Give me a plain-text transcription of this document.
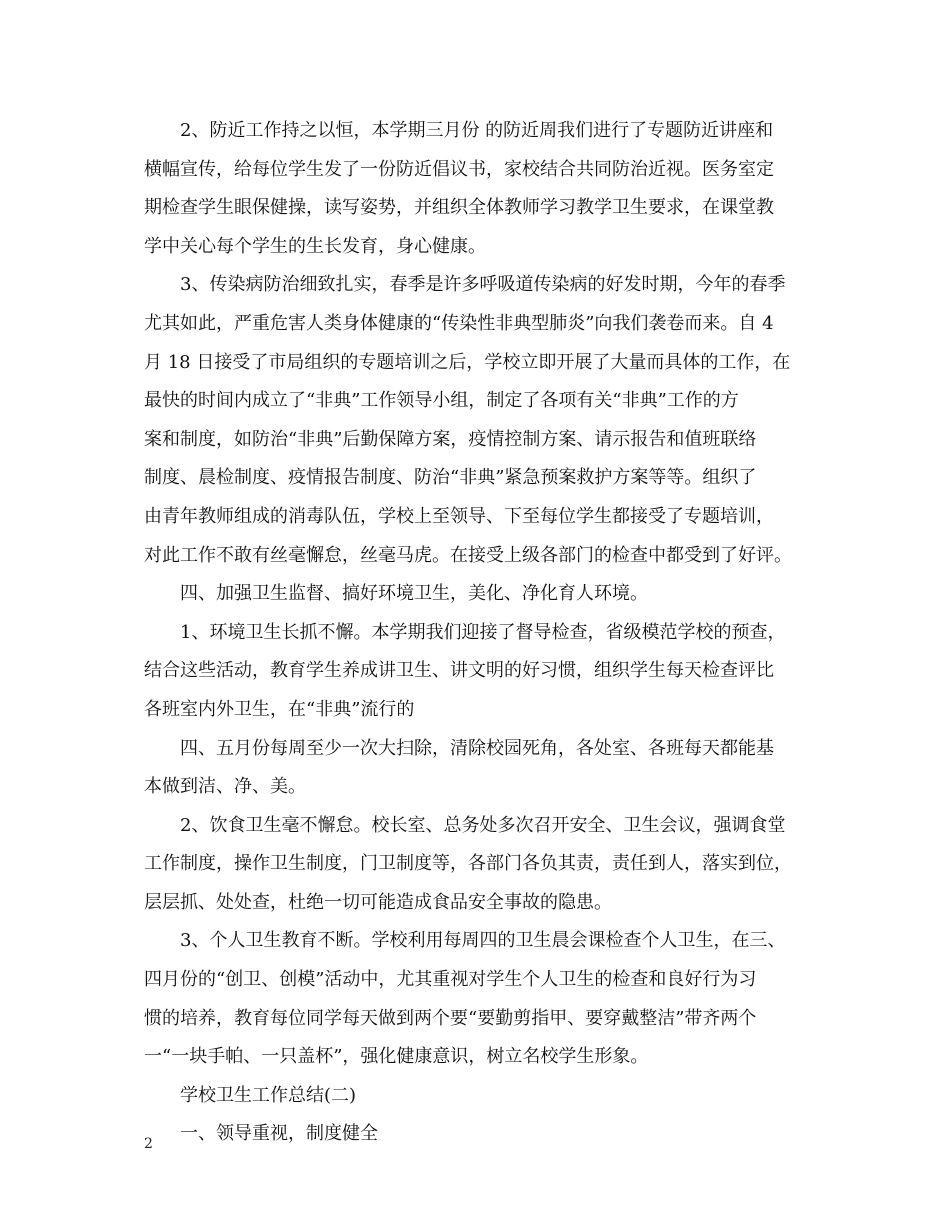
2、防近工作持之以恒，本学期三月份 的防近周我们进行了专题防近讲座和
横幅宣传，给每位学生发了一份防近倡议书，家校结合共同防治近视。医务室定
期检查学生眼保健操，读写姿势，并组织全体教师学习教学卫生要求，在课堂教
学中关心每个学生的生长发育，身心健康。

3、传染病防治细致扎实，春季是许多呼吸道传染病的好发时期，今年的春季
尤其如此，严重危害人类身体健康的“传染性非典型肺炎”向我们袭卷而来。自 4
月 18 日接受了市局组织的专题培训之后，学校立即开展了大量而具体的工作，在
最快的时间内成立了“非典”工作领导小组，制定了各项有关“非典”工作的方
案和制度，如防治“非典”后勤保障方案，疫情控制方案、请示报告和值班联络
制度、晨检制度、疫情报告制度、防治“非典”紧急预案救护方案等等。组织了
由青年教师组成的消毒队伍，学校上至领导、下至每位学生都接受了专题培训，
对此工作不敢有丝毫懈怠，丝毫马虎。在接受上级各部门的检查中都受到了好评。

四、加强卫生监督、搞好环境卫生，美化、净化育人环境。

1、环境卫生长抓不懈。本学期我们迎接了督导检查，省级模范学校的预查，
结合这些活动，教育学生养成讲卫生、讲文明的好习惯，组织学生每天检查评比
各班室内外卫生，在“非典”流行的

四、五月份每周至少一次大扫除，清除校园死角，各处室、各班每天都能基
本做到洁、净、美。

2、饮食卫生毫不懈怠。校长室、总务处多次召开安全、卫生会议，强调食堂
工作制度，操作卫生制度，门卫制度等，各部门各负其责，责任到人，落实到位，
层层抓、处处查，杜绝一切可能造成食品安全事故的隐患。

3、个人卫生教育不断。学校利用每周四的卫生晨会课检查个人卫生，在三、
四月份的“创卫、创模”活动中，尤其重视对学生个人卫生的检查和良好行为习
惯的培养，教育每位同学每天做到两个要“要勤剪指甲、要穿戴整洁”带齐两个
一“一块手帕、一只盖杯”，强化健康意识，树立名校学生形象。

学校卫生工作总结(二)

一、领导重视，制度健全

2
